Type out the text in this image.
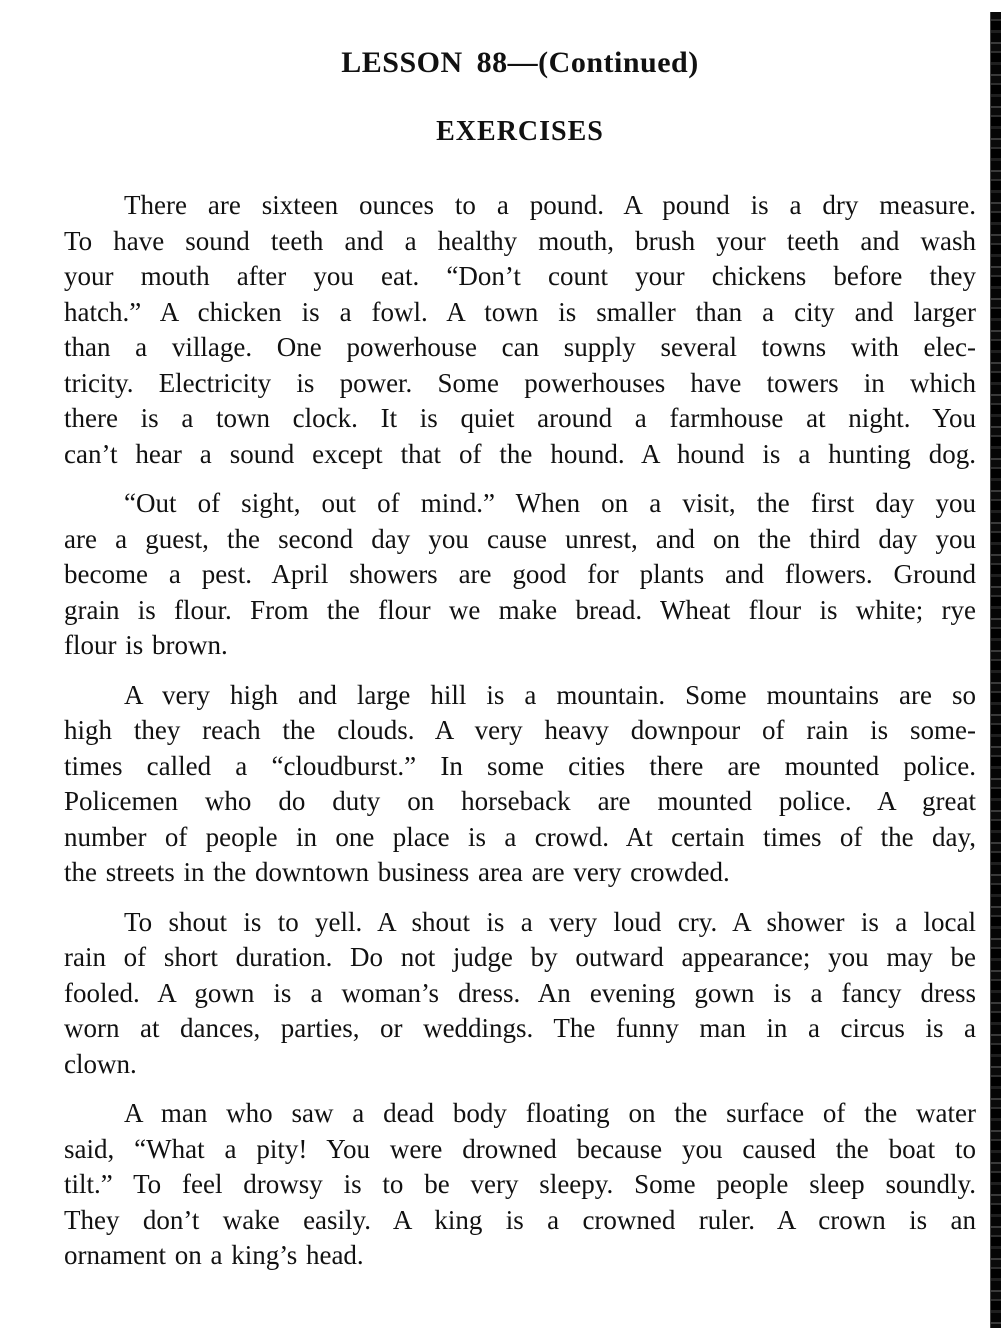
LESSON 88—(Continued)
EXERCISES

There are sixteen ounces to a pound. A pound is a dry measure.
To have sound teeth and a healthy mouth, brush your teeth and wash
your mouth after you eat. “Don’t count your chickens before they
hatch.” A chicken is a fowl. A town is smaller than a city and larger
than a village. One powerhouse can supply several towns with elec-
tricity. Electricity is power. Some powerhouses have towers in which
there is a town clock. It is quiet around a farmhouse at night. You
can’t hear a sound except that of the hound. A hound is a hunting dog.

“Out of sight, out of mind.” When on a visit, the first day you
are a guest, the second day you cause unrest, and on the third day you
become a pest. April showers are good for plants and flowers. Ground
grain is flour. From the flour we make bread. Wheat flour is white; rye
flour is brown.

A very high and large hill is a mountain. Some mountains are so
high they reach the clouds. A very heavy downpour of rain is some-
times called a “cloudburst.” In some cities there are mounted police.
Policemen who do duty on horseback are mounted police. A great
number of people in one place is a crowd. At certain times of the day,
the streets in the downtown business area are very crowded.

To shout is to yell. A shout is a very loud cry. A shower is a local
rain of short duration. Do not judge by outward appearance; you may be
fooled. A gown is a woman’s dress. An evening gown is a fancy dress
worn at dances, parties, or weddings. The funny man in a circus is a
clown.

A man who saw a dead body floating on the surface of the water
said, “What a pity! You were drowned because you caused the boat to
tilt.” To feel drowsy is to be very sleepy. Some people sleep soundly.
They don’t wake easily. A king is a crowned ruler. A crown is an
ornament on a king’s head.
